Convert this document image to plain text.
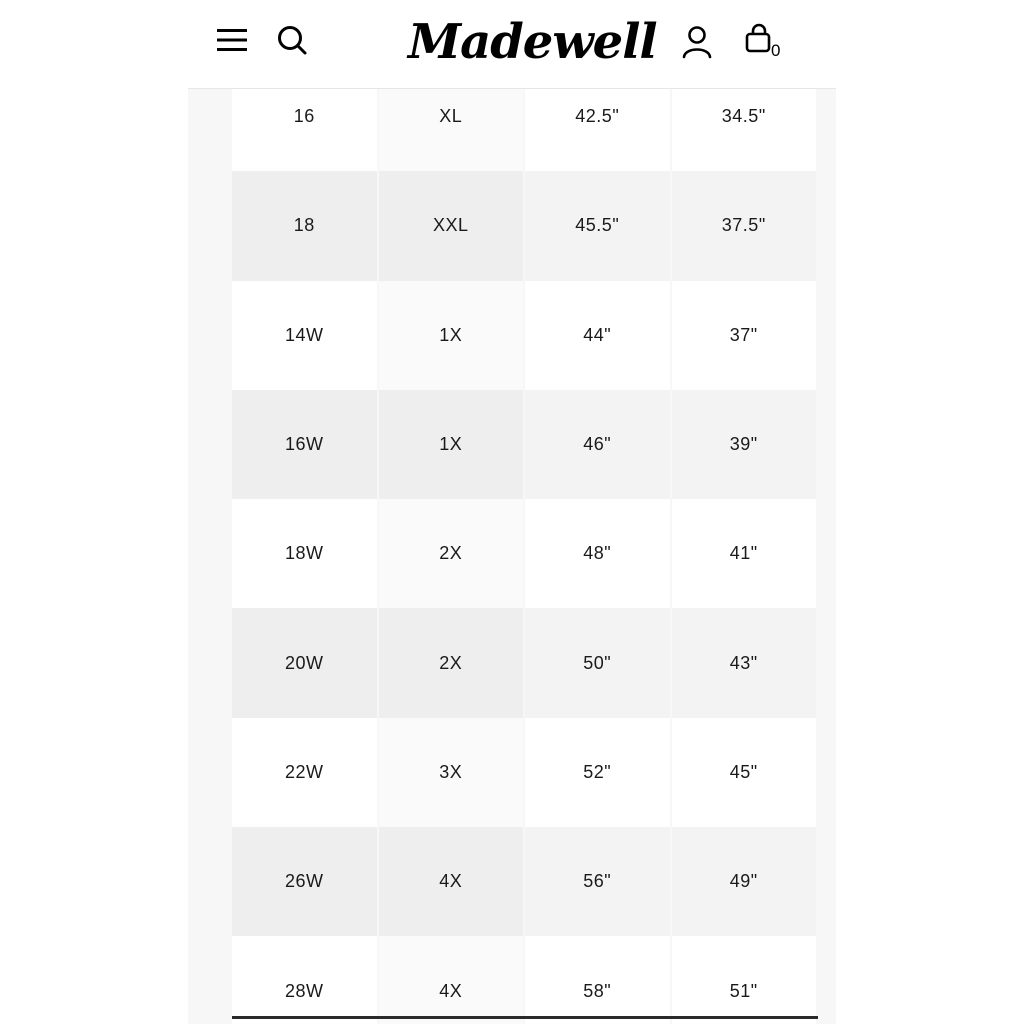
Madewell	0
16	XL	42.5"	34.5"
18	XXL	45.5"	37.5"
14W	1X	44"	37"
16W	1X	46"	39"
18W	2X	48"	41"
20W	2X	50"	43"
22W	3X	52"	45"
26W	4X	56"	49"
28W	4X	58"	51"
